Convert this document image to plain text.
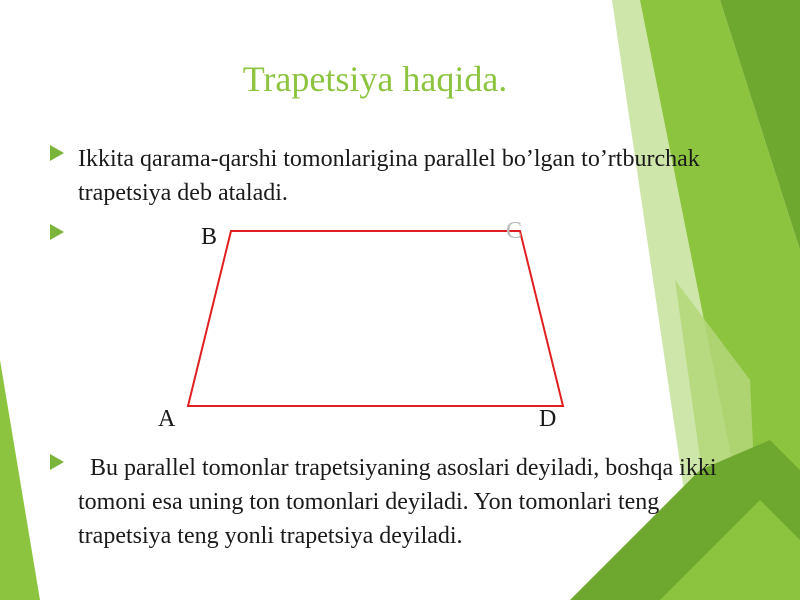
Trapetsiya haqida.
Ikkita qarama-qarshi tomonlarigina parallel bo’lgan to’rtburchak trapetsiya deb ataladi.
B	C
A	D
Bu parallel tomonlar trapetsiyaning asoslari deyiladi, boshqa ikki tomoni esa uning ton tomonlari deyiladi. Yon tomonlari teng trapetsiya teng yonli trapetsiya deyiladi.
